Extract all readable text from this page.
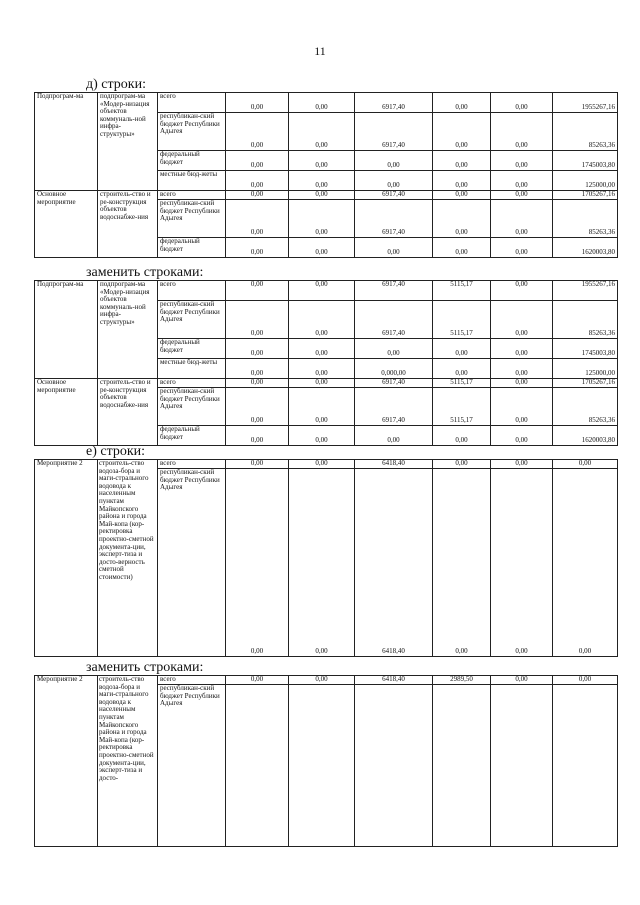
11
д) строки:
Подпрограм-ма	подпрограм-ма «Модер-низация объектов коммуналь-ной инфра-структуры»	всего	0,00	0,00	6917,40	0,00	0,00	1955267,16
		республикан-ский бюджет Республики Адыгея	0,00	0,00	6917,40	0,00	0,00	85263,36
		федеральный бюджет	0,00	0,00	0,00	0,00	0,00	1745003,80
		местные бюд-жеты	0,00	0,00	0,00	0,00	0,00	125000,00
Основное мероприятие	строитель-ство и ре-конструкция объектов водоснабже-ния	всего	0,00	0,00	6917,40	0,00	0,00	1705267,16
		республикан-ский бюджет Республики Адыгея	0,00	0,00	6917,40	0,00	0,00	85263,36
		федеральный бюджет	0,00	0,00	0,00	0,00	0,00	1620003,80
заменить строками:
Подпрограм-ма	подпрограм-ма «Модер-низация объектов коммуналь-ной инфра-структуры»	всего	0,00	0,00	6917,40	5115,17	0,00	1955267,16
		республикан-ский бюджет Республики Адыгея	0,00	0,00	6917,40	5115,17	0,00	85263,36
		федеральный бюджет	0,00	0,00	0,00	0,00	0,00	1745003,80
		местные бюд-жеты	0,00	0,00	0,000,00	0,00	0,00	125000,00
Основное мероприятие	строитель-ство и ре-конструкция объектов водоснабже-ния	всего	0,00	0,00	6917,40	5115,17	0,00	1705267,16
		республикан-ский бюджет Республики Адыгея	0,00	0,00	6917,40	5115,17	0,00	85263,36
		федеральный бюджет	0,00	0,00	0,00	0,00	0,00	1620003,80
е) строки:
Мероприятие 2	строитель-ство водоза-бора и маги-стрального водовода к населенным пунктам Майкопского района и города Май-копа (кор-ректировка проектно-сметной документа-ции, эксперт-тиза и досто-верность сметной стоимости)	всего	0,00	0,00	6418,40	0,00	0,00	0,00
		республикан-ский бюджет Республики Адыгея	0,00	0,00	6418,40	0,00	0,00	0,00
заменить строками:
Мероприятие 2	строитель-ство водоза-бора и маги-стрального водовода к населенным пунктам Майкопского района и города Май-копа (кор-ректировка проектно-сметной документа-ции, эксперт-тиза и досто-	всего	0,00	0,00	6418,40	2989,50	0,00	0,00
		республикан-ский бюджет Республики Адыгея						
